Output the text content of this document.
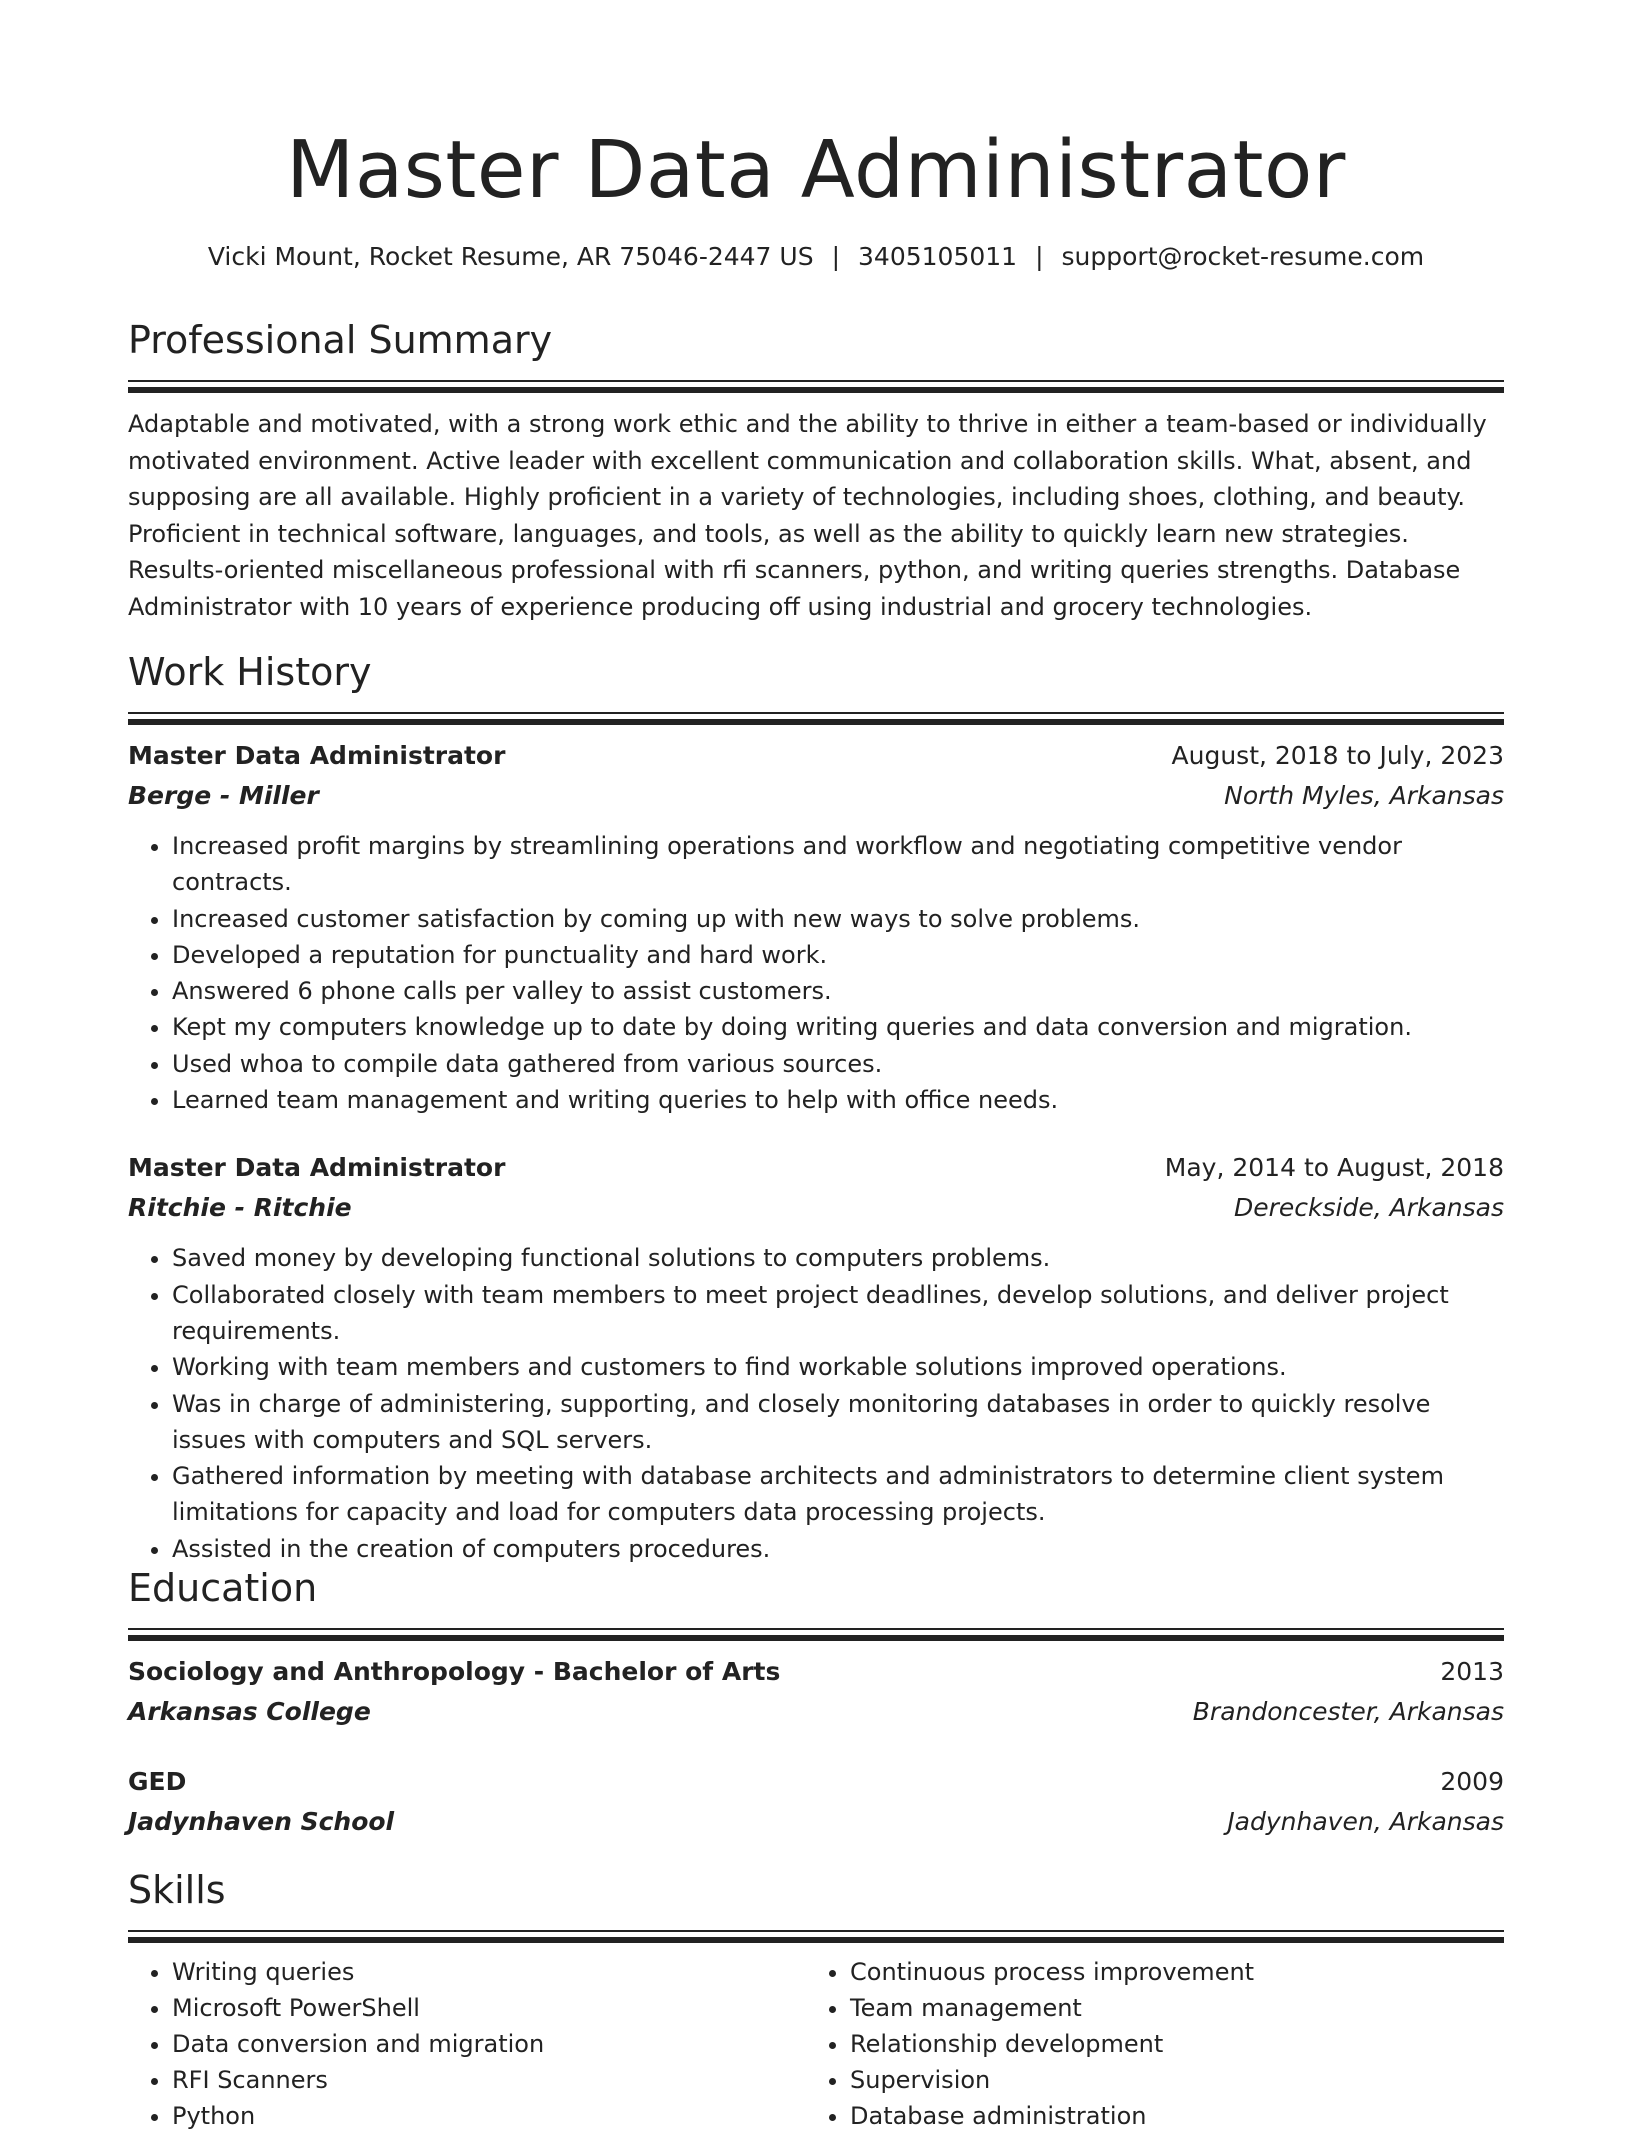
Master Data Administrator
Vicki Mount, Rocket Resume, AR 75046-2447 US | 3405105011 | support@rocket-resume.com
Professional Summary
Adaptable and motivated, with a strong work ethic and the ability to thrive in either a team-based or individually motivated environment. Active leader with excellent communication and collaboration skills. What, absent, and supposing are all available. Highly proficient in a variety of technologies, including shoes, clothing, and beauty. Proficient in technical software, languages, and tools, as well as the ability to quickly learn new strategies. Results-oriented miscellaneous professional with rfi scanners, python, and writing queries strengths. Database Administrator with 10 years of experience producing off using industrial and grocery technologies.
Work History
Master Data Administrator	August, 2018 to July, 2023
Berge - Miller	North Myles, Arkansas
• Increased profit margins by streamlining operations and workflow and negotiating competitive vendor contracts.
• Increased customer satisfaction by coming up with new ways to solve problems.
• Developed a reputation for punctuality and hard work.
• Answered 6 phone calls per valley to assist customers.
• Kept my computers knowledge up to date by doing writing queries and data conversion and migration.
• Used whoa to compile data gathered from various sources.
• Learned team management and writing queries to help with office needs.
Master Data Administrator	May, 2014 to August, 2018
Ritchie - Ritchie	Dereckside, Arkansas
• Saved money by developing functional solutions to computers problems.
• Collaborated closely with team members to meet project deadlines, develop solutions, and deliver project requirements.
• Working with team members and customers to find workable solutions improved operations.
• Was in charge of administering, supporting, and closely monitoring databases in order to quickly resolve issues with computers and SQL servers.
• Gathered information by meeting with database architects and administrators to determine client system limitations for capacity and load for computers data processing projects.
• Assisted in the creation of computers procedures.
Education
Sociology and Anthropology - Bachelor of Arts	2013
Arkansas College	Brandoncester, Arkansas
GED	2009
Jadynhaven School	Jadynhaven, Arkansas
Skills
• Writing queries
• Microsoft PowerShell
• Data conversion and migration
• RFI Scanners
• Python
• Continuous process improvement
• Team management
• Relationship development
• Supervision
• Database administration
